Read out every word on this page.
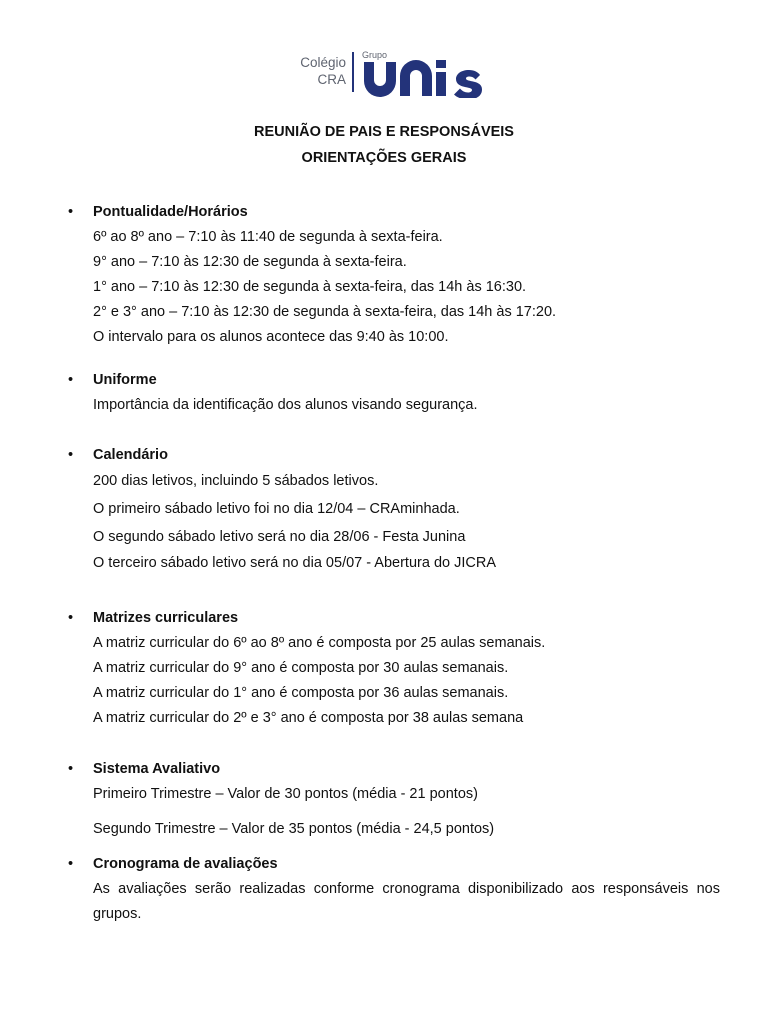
Colégio
CRA
Grupo
REUNIÃO DE PAIS E RESPONSÁVEIS
ORIENTAÇÕES GERAIS
•	Pontualidade/Horários
6º ao 8º ano – 7:10 às 11:40 de segunda à sexta-feira.
9° ano – 7:10 às 12:30 de segunda à sexta-feira.
1° ano – 7:10 às 12:30 de segunda à sexta-feira, das 14h às 16:30.
2° e 3° ano – 7:10 às 12:30 de segunda à sexta-feira, das 14h às 17:20.
O intervalo para os alunos acontece das 9:40 às 10:00.
•	Uniforme
Importância da identificação dos alunos visando segurança.
•	Calendário
200 dias letivos, incluindo 5 sábados letivos.
O primeiro sábado letivo foi no dia 12/04 – CRAminhada.
O segundo sábado letivo será no dia 28/06 - Festa Junina
O terceiro sábado letivo será no dia 05/07 - Abertura do JICRA
•	Matrizes curriculares
A matriz curricular do 6º ao 8º ano é composta por 25 aulas semanais.
A matriz curricular do 9° ano é composta por 30 aulas semanais.
A matriz curricular do 1° ano é composta por 36 aulas semanais.
A matriz curricular do 2º e 3° ano é composta por 38 aulas semana
•	Sistema Avaliativo
Primeiro Trimestre – Valor de 30 pontos (média - 21 pontos)
Segundo Trimestre – Valor de 35 pontos (média - 24,5 pontos)
•	Cronograma de avaliações
As avaliações serão realizadas conforme cronograma disponibilizado aos responsáveis nos grupos.
